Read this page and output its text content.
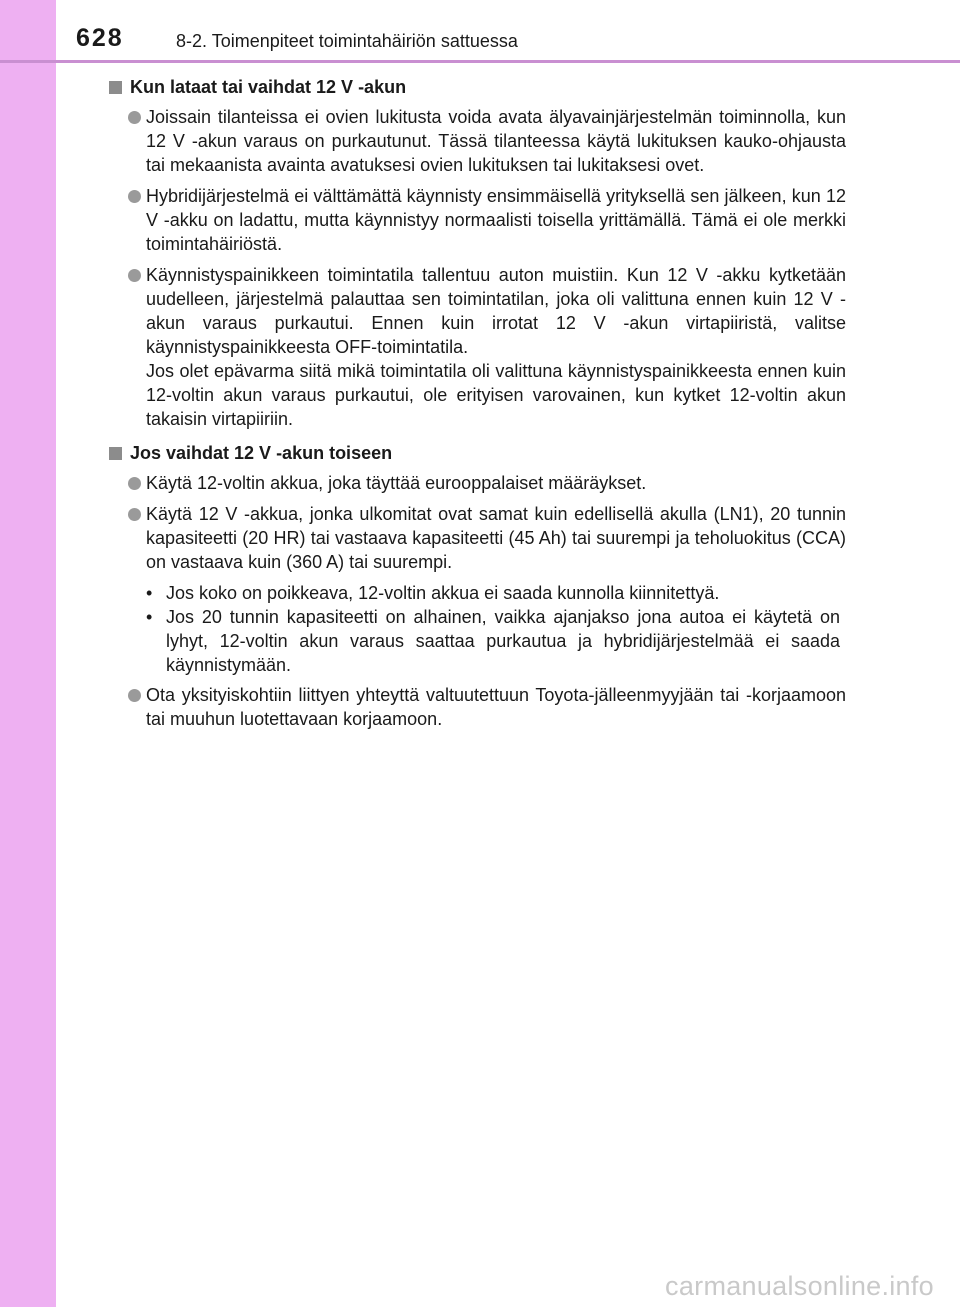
628	8-2. Toimenpiteet toimintahäiriön sattuessa
Kun lataat tai vaihdat 12 V -akun

Joissain tilanteissa ei ovien lukitusta voida avata älyavainjärjestelmän toiminnolla, kun 12 V -akun varaus on purkautunut. Tässä tilanteessa käytä lukituksen kauko-ohjausta tai mekaanista avainta avatuksesi ovien lukituksen tai lukitaksesi ovet.

Hybridijärjestelmä ei välttämättä käynnisty ensimmäisellä yrityksellä sen jälkeen, kun 12 V -akku on ladattu, mutta käynnistyy normaalisti toisella yrittämällä. Tämä ei ole merkki toimintahäiriöstä.

Käynnistyspainikkeen toimintatila tallentuu auton muistiin. Kun 12 V -akku kytketään uudelleen, järjestelmä palauttaa sen toimintatilan, joka oli valittuna ennen kuin 12 V -akun varaus purkautui. Ennen kuin irrotat 12 V -akun virtapiiristä, valitse käynnistyspainikkeesta OFF-toimintatila.

Jos olet epävarma siitä mikä toimintatila oli valittuna käynnistyspainikkeesta ennen kuin 12-voltin akun varaus purkautui, ole erityisen varovainen, kun kytket 12-voltin akun takaisin virtapiiriin.

Jos vaihdat 12 V -akun toiseen

Käytä 12-voltin akkua, joka täyttää eurooppalaiset määräykset.

Käytä 12 V -akkua, jonka ulkomitat ovat samat kuin edellisellä akulla (LN1), 20 tunnin kapasiteetti (20 HR) tai vastaava kapasiteetti (45 Ah) tai suurempi ja teholuokitus (CCA) on vastaava kuin (360 A) tai suurempi.

• Jos koko on poikkeava, 12-voltin akkua ei saada kunnolla kiinnitettyä.
• Jos 20 tunnin kapasiteetti on alhainen, vaikka ajanjakso jona autoa ei käytetä on lyhyt, 12-voltin akun varaus saattaa purkautua ja hybridijärjestelmää ei saada käynnistymään.

Ota yksityiskohtiin liittyen yhteyttä valtuutettuun Toyota-jälleenmyyjään tai -korjaamoon tai muuhun luotettavaan korjaamoon.

carmanualsonline.info
